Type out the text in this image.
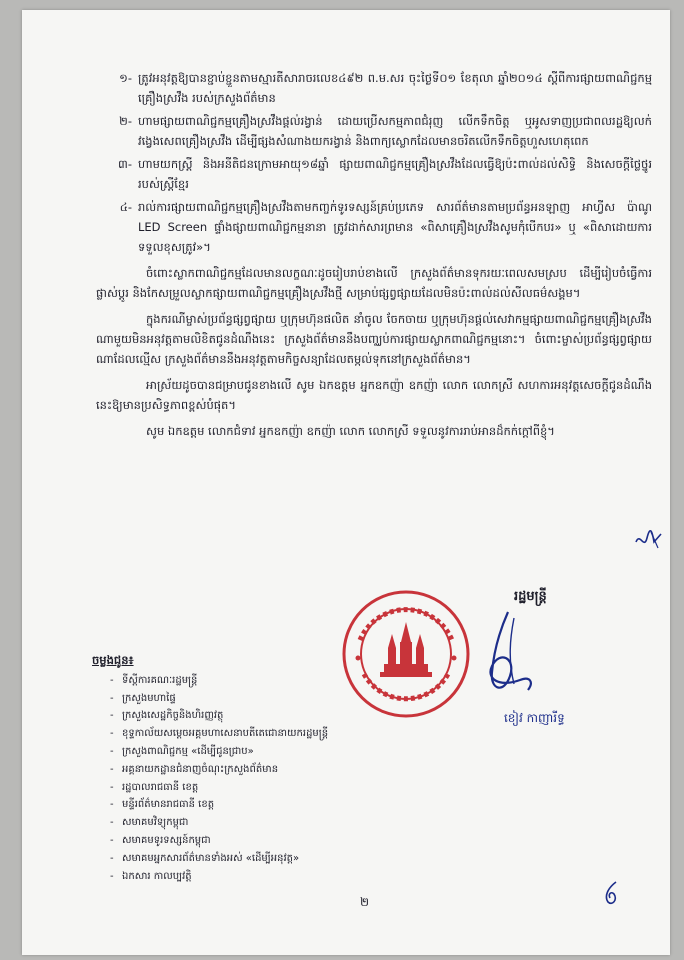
១- ត្រូវអនុវត្តឱ្យបានខ្ជាប់ខ្ជួនតាមស្មារតីសារាចរលេខ៤៩២ ព.ម.សរ ចុះថ្ងៃទី០១ ខែតុលា ឆ្នាំ២០១៤ ស្តីពីការផ្សាយពាណិជ្ជកម្មគ្រឿងស្រវឹង របស់ក្រសួងព័ត៌មាន
២- ហាមផ្សាយពាណិជ្ជកម្មគ្រឿងស្រវឹងផ្តល់រង្វាន់ ដោយប្រើសកម្មភាពជំរុញ លើកទឹកចិត្ត ឬអូសទាញប្រជាពលរដ្ឋឱ្យលក់វង្វេងសេពគ្រឿងស្រវឹង ដើម្បីផ្សងសំណាងយករង្វាន់ និងពាក្យស្លោកដែលមានចរិតលើកទឹកចិត្តហួសហេតុពេក
៣- ហាមយកស្ត្រី និងអនីតិជនក្រោមអាយុ១៨ឆ្នាំ ផ្សាយពាណិជ្ជកម្មគ្រឿងស្រវឹងដែលធ្វើឱ្យប៉ះពាល់ដល់សិទ្ធិ និងសេចក្តីថ្លៃថ្នូររបស់ស្ត្រីខ្មែរ
៤- រាល់ការផ្សាយពាណិជ្ជកម្មគ្រឿងស្រវឹងតាមកញ្ចក់ទូរទស្សន៍គ្រប់ប្រភេទ សារព័ត៌មានតាមប្រព័ន្ធអនឡាញ អាហ្វីស ប៉ាណូ LED Screen ផ្ទាំងផ្សាយពាណិជ្ជកម្មនានា ត្រូវដាក់សារព្រមាន «ពិសាគ្រឿងស្រវឹងសូមកុំបើកបរ» ឬ «ពិសាដោយការទទួលខុសត្រូវ»។

ចំពោះស្លាកពាណិជ្ជកម្មដែលមានលក្ខណៈដូចរៀបរាប់ខាងលើ ក្រសួងព័ត៌មានទុករយៈពេលសមស្រប ដើម្បីរៀបចំធ្វើការផ្លាស់ប្តូរ និងកែសម្រួលស្លាកផ្សាយពាណិជ្ជកម្មគ្រឿងស្រវឹងថ្មី សម្រាប់ផ្សព្វផ្សាយដែលមិនប៉ះពាល់ដល់សីលធម៌សង្គម។

ក្នុងករណីម្ចាស់ប្រព័ន្ធផ្សព្វផ្សាយ ឬក្រុមហ៊ុនផលិត នាំចូល ចែកចាយ ឬក្រុមហ៊ុនផ្តល់សេវាកម្មផ្សាយពាណិជ្ជកម្មគ្រឿងស្រវឹងណាមួយមិនអនុវត្តតាមលិខិតជូនដំណឹងនេះ ក្រសួងព័ត៌មាននឹងបញ្ឈប់ការផ្សាយស្លាកពាណិជ្ជកម្មនោះ។ ចំពោះម្ចាស់ប្រព័ន្ធផ្សព្វផ្សាយណាដែលល្មើស ក្រសួងព័ត៌មាននឹងអនុវត្តតាមកិច្ចសន្យាដែលតម្កល់ទុកនៅក្រសួងព័ត៌មាន។

អាស្រ័យដូចបានជម្រាបជូនខាងលើ សូម ឯកឧត្តម អ្នកឧកញ៉ា ឧកញ៉ា លោក លោកស្រី សហការអនុវត្តសេចក្តីជូនដំណឹងនេះឱ្យមានប្រសិទ្ធភាពខ្ពស់បំផុត។

សូម ឯកឧត្តម លោកជំទាវ អ្នកឧកញ៉ា ឧកញ៉ា លោក លោកស្រី ទទួលនូវការរាប់អានដ៏កក់ក្តៅពីខ្ញុំ។

រដ្ឋមន្ត្រី
ខៀវ កាញារីទ្ធ
ចម្លងជូន៖
- ទីស្តីការគណៈរដ្ឋមន្ត្រី
- ក្រសួងមហាផ្ទៃ
- ក្រសួងសេដ្ឋកិច្ចនិងហិរញ្ញវត្ថុ
- ខុទ្ទកាល័យសម្តេចអគ្គមហាសេនាបតីតេជោនាយករដ្ឋមន្ត្រី
- ក្រសួងពាណិជ្ជកម្ម «ដើម្បីជូនជ្រាប»
- អគ្គនាយកដ្ឋានជំនាញចំណុះក្រសួងព័ត៌មាន
- រដ្ឋបាលរាជធានី ខេត្ត
- មន្ទីរព័ត៌មានរាជធានី ខេត្ត
- សមាគមវិទ្យុកម្ពុជា
- សមាគមទូរទស្សន៍កម្ពុជា
- សមាគមអ្នកសារព័ត៌មានទាំងអស់ «ដើម្បីអនុវត្ត»
- ឯកសារ កាលប្បវត្តិ
២
